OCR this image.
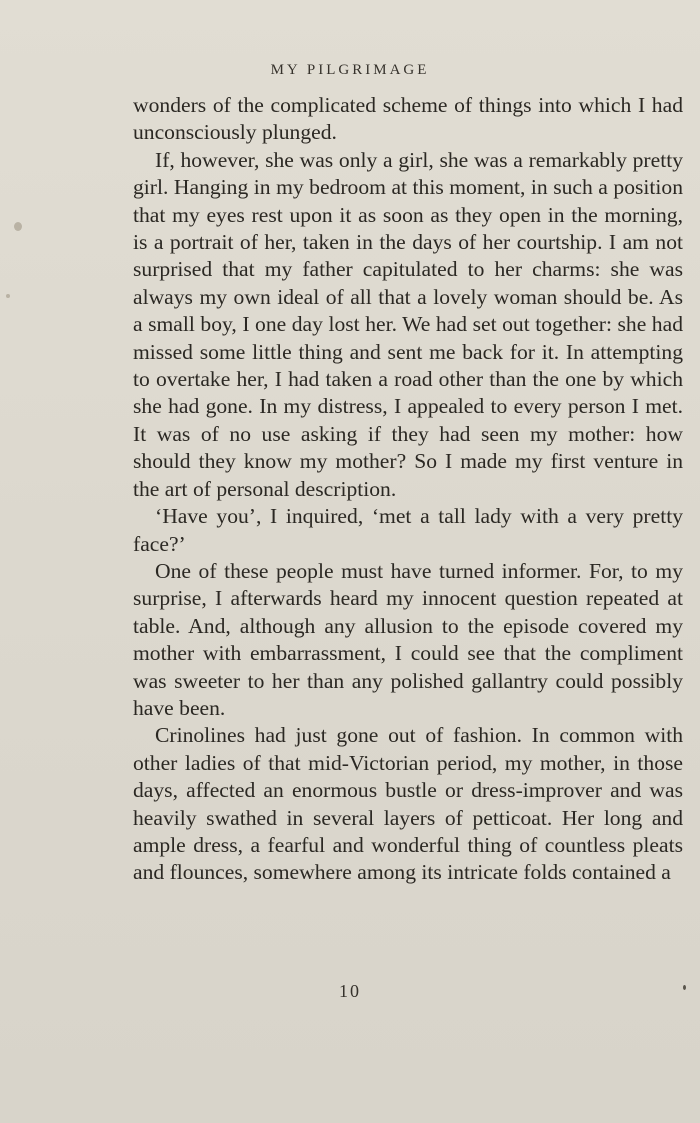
MY PILGRIMAGE

wonders of the complicated scheme of things into which I had unconsciously plunged.

If, however, she was only a girl, she was a remarkably pretty girl. Hanging in my bedroom at this moment, in such a position that my eyes rest upon it as soon as they open in the morning, is a portrait of her, taken in the days of her courtship. I am not surprised that my father capitulated to her charms: she was always my own ideal of all that a lovely woman should be. As a small boy, I one day lost her. We had set out together: she had missed some little thing and sent me back for it. In attempting to overtake her, I had taken a road other than the one by which she had gone. In my distress, I appealed to every person I met. It was of no use asking if they had seen my mother: how should they know my mother? So I made my first venture in the art of personal description.

‘Have you’, I inquired, ‘met a tall lady with a very pretty face?’

One of these people must have turned informer. For, to my surprise, I afterwards heard my innocent question repeated at table. And, although any allusion to the episode covered my mother with embarrassment, I could see that the compliment was sweeter to her than any polished gallantry could possibly have been.

Crinolines had just gone out of fashion. In common with other ladies of that mid-Victorian period, my mother, in those days, affected an enormous bustle or dress-improver and was heavily swathed in several layers of petticoat. Her long and ample dress, a fearful and wonderful thing of countless pleats and flounces, somewhere among its intricate folds contained a

10
